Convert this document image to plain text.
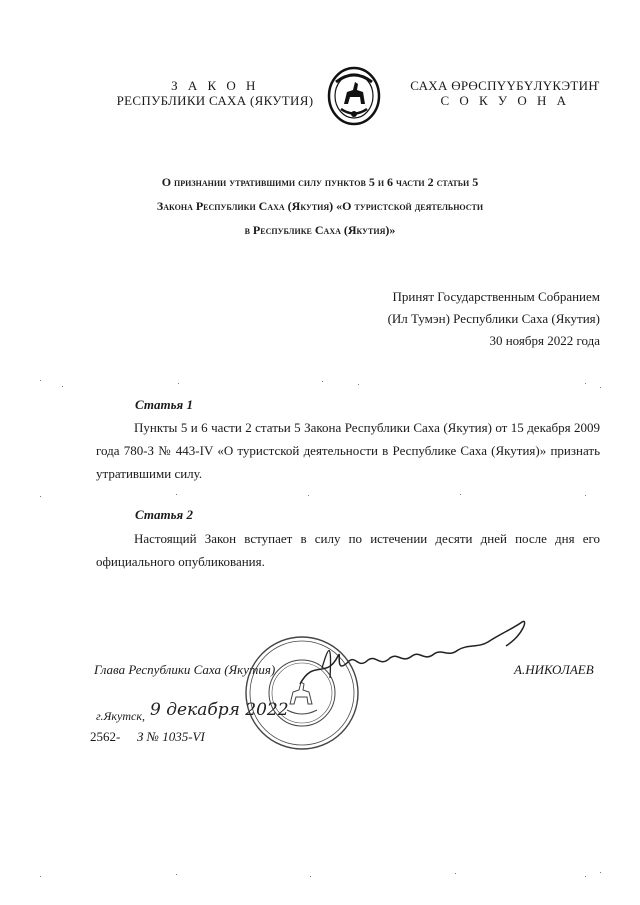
З А К О Н
РЕСПУБЛИКИ САХА (ЯКУТИЯ)
САХА ӨРӨСПҮҮБҮЛҮКЭТИҤ
С О К У О Н А
О признании утратившими силу пунктов 5 и 6 части 2 статьи 5
Закона Республики Саха (Якутия) «О туристской деятельности
в Республике Саха (Якутия)»
Принят Государственным Собранием
(Ил Тумэн) Республики Саха (Якутия)
30 ноября 2022 года
Статья 1
Пункты 5 и 6 части 2 статьи 5 Закона Республики Саха (Якутия) от 15 декабря 2009 года 780-З № 443-IV «О туристской деятельности в Республике Саха (Якутия)» признать утратившими силу.
Статья 2
Настоящий Закон вступает в силу по истечении десяти дней после дня его официального опубликования.
Глава Республики Саха (Якутия)	А.НИКОЛАЕВ
г.Якутск, 9 декабря 2022
2562- З № 1035-VI
